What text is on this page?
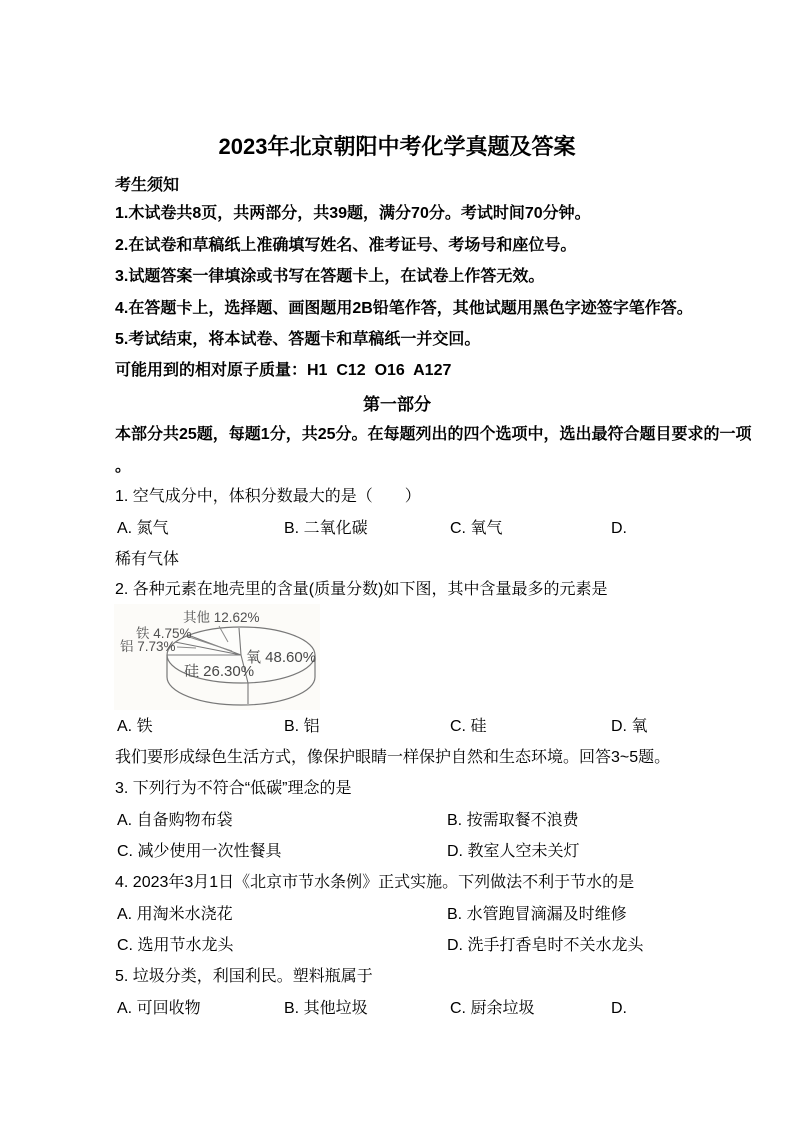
2023年北京朝阳中考化学真题及答案
考生须知
1.木试卷共8页，共两部分，共39题，满分70分。考试时间70分钟。
2.在试卷和草稿纸上准确填写姓名、准考证号、考场号和座位号。
3.试题答案一律填涂或书写在答题卡上，在试卷上作答无效。
4.在答题卡上，选择题、画图题用2B铅笔作答，其他试题用黑色字迹签字笔作答。
5.考试结束，将本试卷、答题卡和草稿纸一并交回。
可能用到的相对原子质量：H1  C12  O16  A127
第一部分
本部分共25题，每题1分，共25分。在每题列出的四个选项中，选出最符合题目要求的一项
。
1. 空气成分中，体积分数最大的是（　　）
A. 氮气	B. 二氧化碳	C. 氧气	D.
稀有气体
2. 各种元素在地壳里的含量(质量分数)如下图，其中含量最多的元素是
其他 12.62%
铁 4.75%
铝 7.73%
硅 26.30%
氧 48.60%
A. 铁	B. 铝	C. 硅	D. 氧
我们要形成绿色生活方式，像保护眼睛一样保护自然和生态环境。回答3~5题。
3. 下列行为不符合“低碳”理念的是
A. 自备购物布袋	B. 按需取餐不浪费
C. 减少使用一次性餐具	D. 教室人空未关灯
4. 2023年3月1日《北京市节水条例》正式实施。下列做法不利于节水的是
A. 用淘米水浇花	B. 水管跑冒滴漏及时维修
C. 选用节水龙头	D. 洗手打香皂时不关水龙头
5. 垃圾分类，利国利民。塑料瓶属于
A. 可回收物	B. 其他垃圾	C. 厨余垃圾	D.
